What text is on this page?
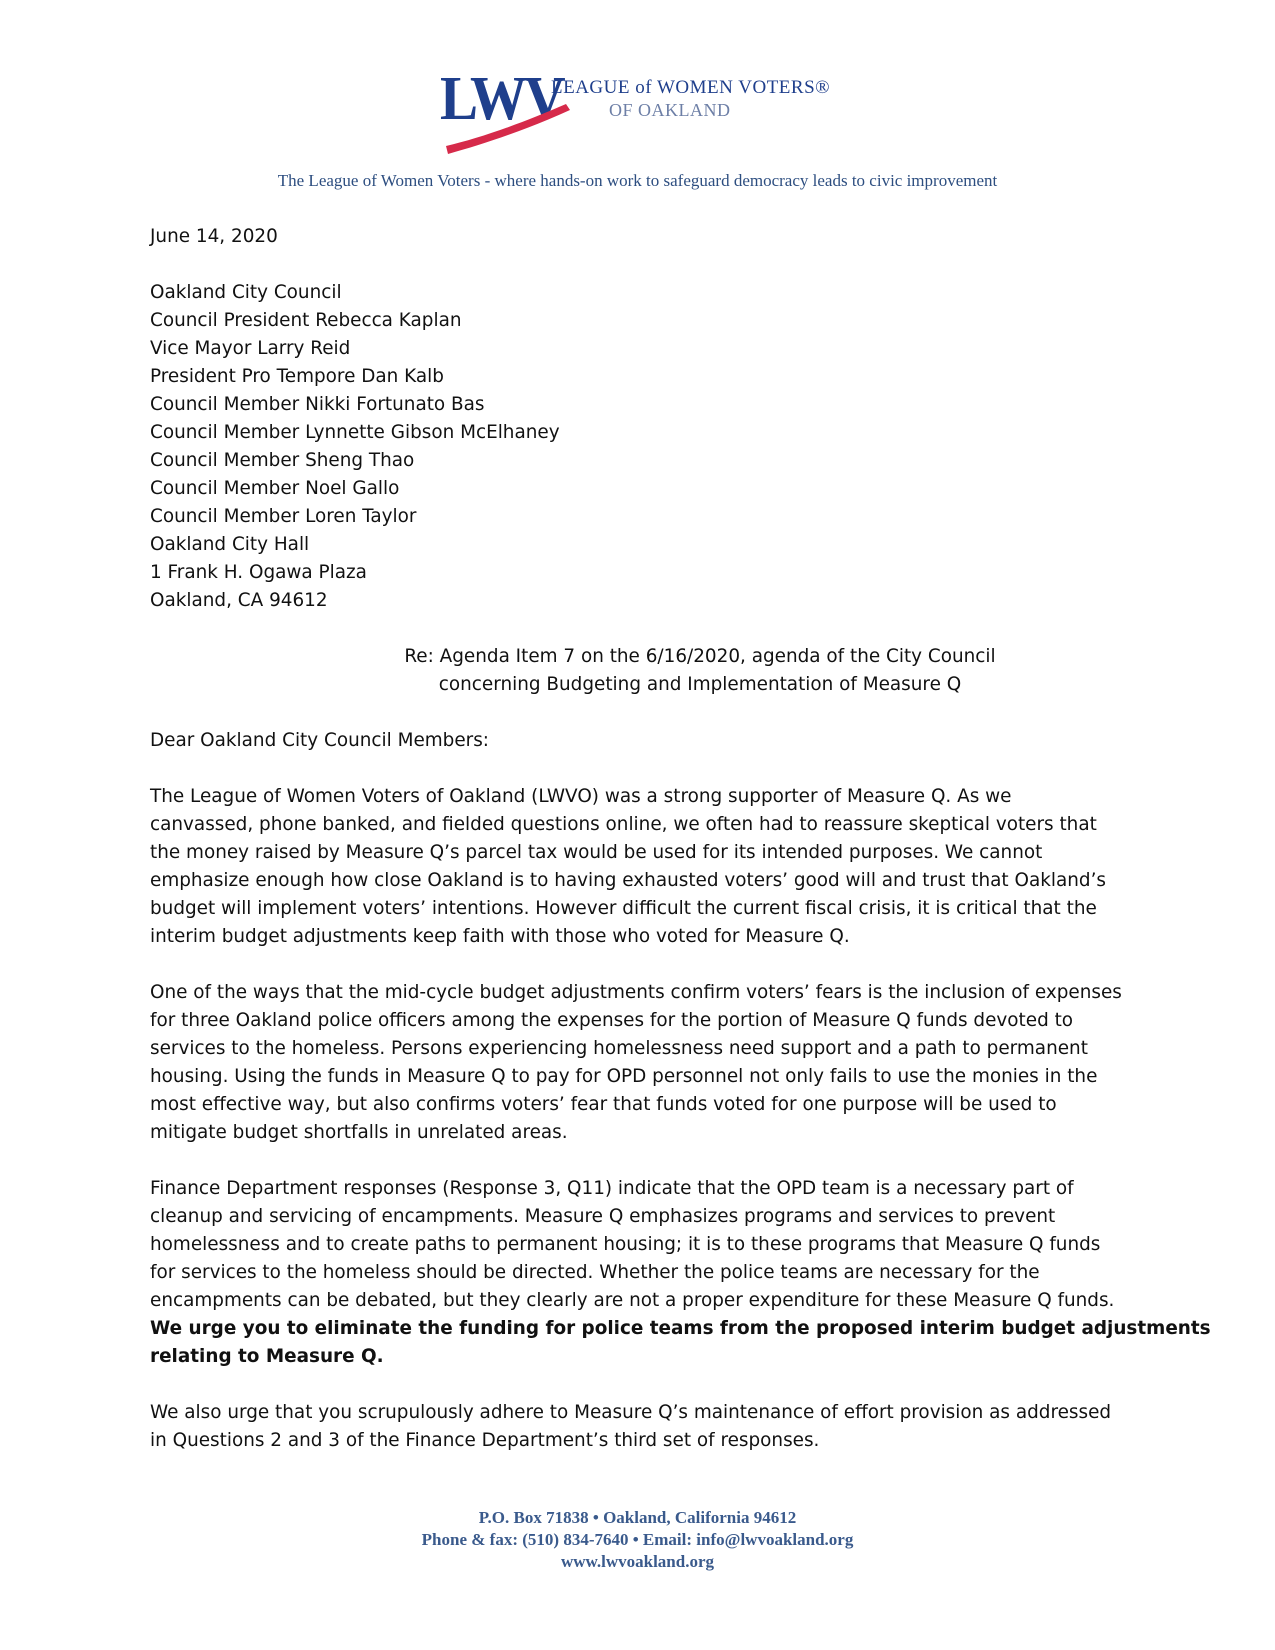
LWV
LEAGUE of WOMEN VOTERS®
OF OAKLAND
The League of Women Voters - where hands-on work to safeguard democracy leads to civic improvement
June 14, 2020
Oakland City Council
Council President Rebecca Kaplan
Vice Mayor Larry Reid
President Pro Tempore Dan Kalb
Council Member Nikki Fortunato Bas
Council Member Lynnette Gibson McElhaney
Council Member Sheng Thao
Council Member Noel Gallo
Council Member Loren Taylor
Oakland City Hall
1 Frank H. Ogawa Plaza
Oakland, CA 94612
Re: Agenda Item 7 on the 6/16/2020, agenda of the City Council
concerning Budgeting and Implementation of Measure Q
Dear Oakland City Council Members:
The League of Women Voters of Oakland (LWVO) was a strong supporter of Measure Q. As we
canvassed, phone banked, and fielded questions online, we often had to reassure skeptical voters that
the money raised by Measure Q’s parcel tax would be used for its intended purposes. We cannot
emphasize enough how close Oakland is to having exhausted voters’ good will and trust that Oakland’s
budget will implement voters’ intentions. However difficult the current fiscal crisis, it is critical that the
interim budget adjustments keep faith with those who voted for Measure Q.
One of the ways that the mid-cycle budget adjustments confirm voters’ fears is the inclusion of expenses
for three Oakland police officers among the expenses for the portion of Measure Q funds devoted to
services to the homeless. Persons experiencing homelessness need support and a path to permanent
housing. Using the funds in Measure Q to pay for OPD personnel not only fails to use the monies in the
most effective way, but also confirms voters’ fear that funds voted for one purpose will be used to
mitigate budget shortfalls in unrelated areas.
Finance Department responses (Response 3, Q11) indicate that the OPD team is a necessary part of
cleanup and servicing of encampments. Measure Q emphasizes programs and services to prevent
homelessness and to create paths to permanent housing; it is to these programs that Measure Q funds
for services to the homeless should be directed. Whether the police teams are necessary for the
encampments can be debated, but they clearly are not a proper expenditure for these Measure Q funds.
We urge you to eliminate the funding for police teams from the proposed interim budget adjustments
relating to Measure Q.
We also urge that you scrupulously adhere to Measure Q’s maintenance of effort provision as addressed
in Questions 2 and 3 of the Finance Department’s third set of responses.
P.O. Box 71838 • Oakland, California 94612
Phone & fax: (510) 834-7640 • Email: info@lwvoakland.org
www.lwvoakland.org
